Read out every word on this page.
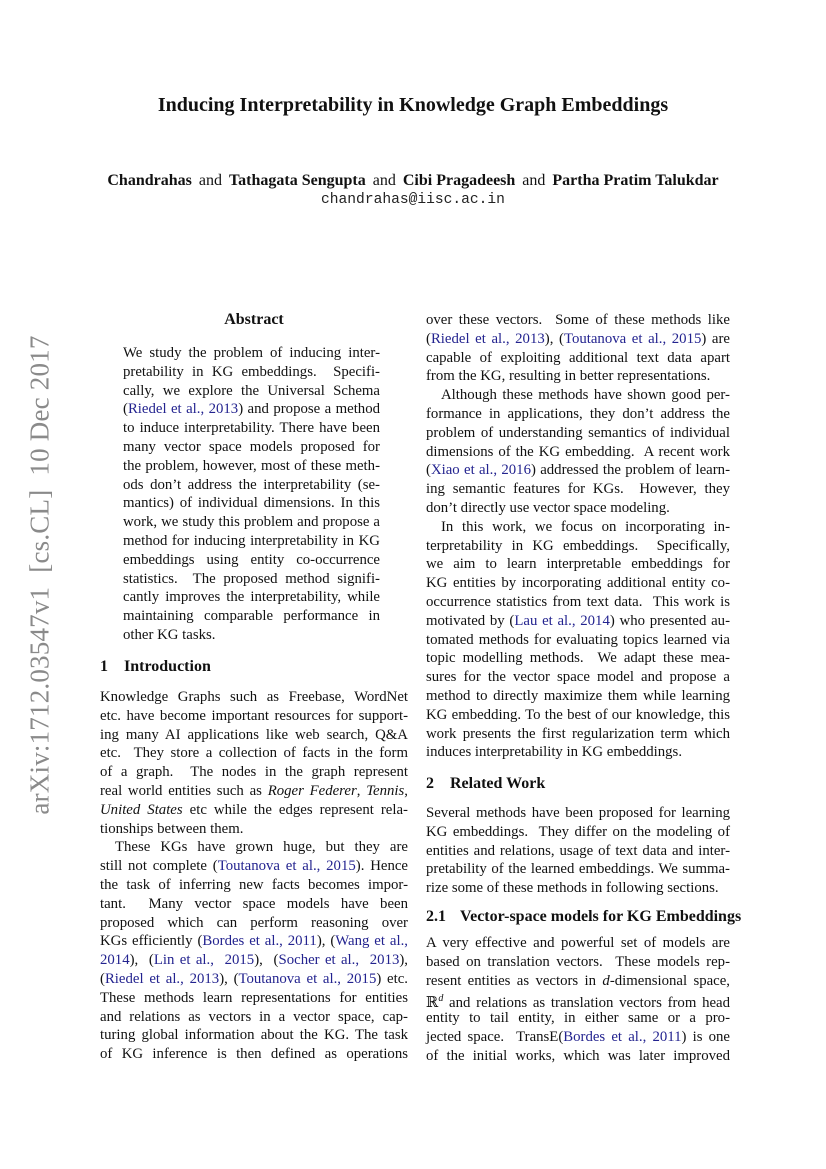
Inducing Interpretability in Knowledge Graph Embeddings
Chandrahas and Tathagata Sengupta and Cibi Pragadeesh and Partha Pratim Talukdar
chandrahas@iisc.ac.in
arXiv:1712.03547v1[cs.CL]10 Dec 2017
Abstract
We study the problem of inducing inter-
pretability in KG embeddings.  Specifi-
cally, we explore the Universal Schema
(Riedel et al., 2013) and propose a method
to induce interpretability. There have been
many vector space models proposed for
the problem, however, most of these meth-
ods don’t address the interpretability (se-
mantics) of individual dimensions. In this
work, we study this problem and propose a
method for inducing interpretability in KG
embeddings using entity co-occurrence
statistics.  The proposed method signifi-
cantly improves the interpretability, while
maintaining comparable performance in
other KG tasks.
1 Introduction
Knowledge Graphs such as Freebase, WordNet
etc. have become important resources for support-
ing many AI applications like web search, Q&A
etc.  They store a collection of facts in the form
of a graph.  The nodes in the graph represent
real world entities such as Roger Federer, Tennis,
United States etc while the edges represent rela-
tionships between them.
These KGs have grown huge, but they are
still not complete (Toutanova et al., 2015). Hence
the task of inferring new facts becomes impor-
tant.  Many vector space models have been
proposed which can perform reasoning over
KGs efficiently (Bordes et al., 2011), (Wang et al.,
2014),  (Lin et al.,  2015),  (Socher et al.,  2013),
(Riedel et al., 2013), (Toutanova et al., 2015) etc.
These methods learn representations for entities
and relations as vectors in a vector space, cap-
turing global information about the KG. The task
of KG inference is then defined as operations
over these vectors.  Some of these methods like
(Riedel et al., 2013), (Toutanova et al., 2015) are
capable of exploiting additional text data apart
from the KG, resulting in better representations.
Although these methods have shown good per-
formance in applications, they don’t address the
problem of understanding semantics of individual
dimensions of the KG embedding.  A recent work
(Xiao et al., 2016) addressed the problem of learn-
ing semantic features for KGs.  However, they
don’t directly use vector space modeling.
In this work, we focus on incorporating in-
terpretability in KG embeddings.  Specifically,
we aim to learn interpretable embeddings for
KG entities by incorporating additional entity co-
occurrence statistics from text data.  This work is
motivated by (Lau et al., 2014) who presented au-
tomated methods for evaluating topics learned via
topic modelling methods.  We adapt these mea-
sures for the vector space model and propose a
method to directly maximize them while learning
KG embedding. To the best of our knowledge, this
work presents the first regularization term which
induces interpretability in KG embeddings.
2 Related Work
Several methods have been proposed for learning
KG embeddings.  They differ on the modeling of
entities and relations, usage of text data and inter-
pretability of the learned embeddings. We summa-
rize some of these methods in following sections.
2.1 Vector-space models for KG Embeddings
A very effective and powerful set of models are
based on translation vectors.  These models rep-
resent entities as vectors in d-dimensional space,
ℝ$^d$ and relations as translation vectors from head
entity to tail entity, in either same or a pro-
jected space.  TransE(Bordes et al., 2011) is one
of the initial works, which was later improved
